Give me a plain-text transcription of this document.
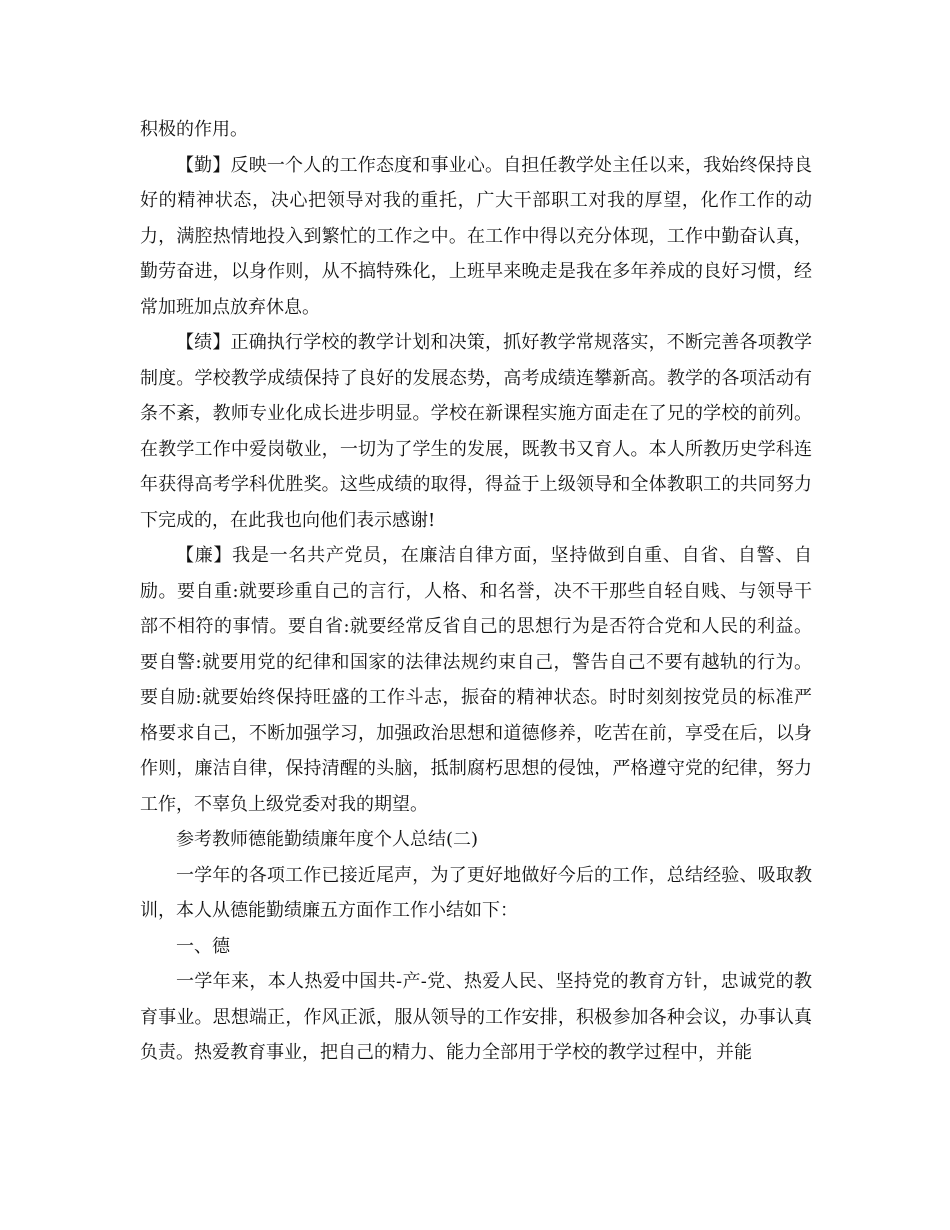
积极的作用。

【勤】反映一个人的工作态度和事业心。自担任教学处主任以来，我始终保持良好的精神状态，决心把领导对我的重托，广大干部职工对我的厚望，化作工作的动力，满腔热情地投入到繁忙的工作之中。在工作中得以充分体现，工作中勤奋认真，勤劳奋进，以身作则，从不搞特殊化，上班早来晚走是我在多年养成的良好习惯，经常加班加点放弃休息。

【绩】正确执行学校的教学计划和决策，抓好教学常规落实，不断完善各项教学制度。学校教学成绩保持了良好的发展态势，高考成绩连攀新高。教学的各项活动有条不紊，教师专业化成长进步明显。学校在新课程实施方面走在了兄的学校的前列。在教学工作中爱岗敬业，一切为了学生的发展，既教书又育人。本人所教历史学科连年获得高考学科优胜奖。这些成绩的取得，得益于上级领导和全体教职工的共同努力下完成的，在此我也向他们表示感谢!

【廉】我是一名共产党员，在廉洁自律方面，坚持做到自重、自省、自警、自励。要自重:就要珍重自己的言行，人格、和名誉，决不干那些自轻自贱、与领导干部不相符的事情。要自省:就要经常反省自己的思想行为是否符合党和人民的利益。要自警:就要用党的纪律和国家的法律法规约束自己，警告自己不要有越轨的行为。要自励:就要始终保持旺盛的工作斗志，振奋的精神状态。时时刻刻按党员的标准严格要求自己，不断加强学习，加强政治思想和道德修养，吃苦在前，享受在后，以身作则，廉洁自律，保持清醒的头脑，抵制腐朽思想的侵蚀，严格遵守党的纪律，努力工作，不辜负上级党委对我的期望。

参考教师德能勤绩廉年度个人总结(二)

一学年的各项工作已接近尾声，为了更好地做好今后的工作，总结经验、吸取教训，本人从德能勤绩廉五方面作工作小结如下：

一、德

一学年来，本人热爱中国共-产-党、热爱人民、坚持党的教育方针，忠诚党的教育事业。思想端正，作风正派，服从领导的工作安排，积极参加各种会议，办事认真负责。热爱教育事业，把自己的精力、能力全部用于学校的教学过程中，并能
